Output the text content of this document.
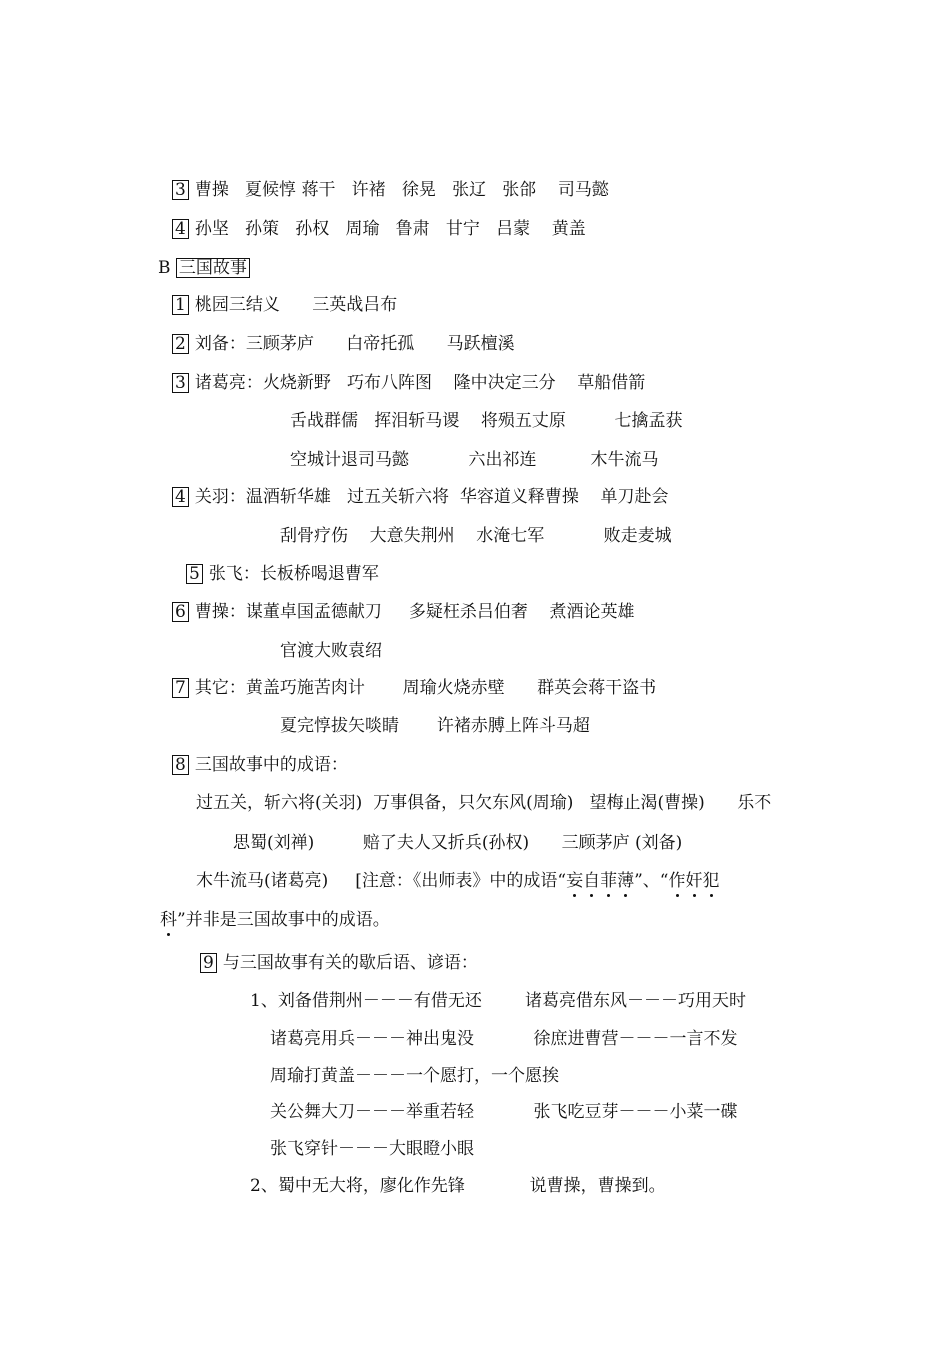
3 曹操   夏候惇 蒋干   许褚   徐晃   张辽   张郃    司马懿
4 孙坚   孙策   孙权   周瑜   鲁肃   甘宁   吕蒙    黄盖
B 三国故事
1 桃园三结义      三英战吕布
2 刘备：三顾茅庐      白帝托孤      马跃檀溪
3 诸葛亮：火烧新野   巧布八阵图    隆中决定三分    草船借箭
舌战群儒   挥泪斩马谡    将殒五丈原         七擒孟获
空城计退司马懿           六出祁连          木牛流马
4 关羽：温酒斩华雄   过五关斩六将  华容道义释曹操    单刀赴会
刮骨疗伤    大意失荆州    水淹七军           败走麦城
5 张飞：长板桥喝退曹军
6 曹操：谋董卓国孟德献刀     多疑枉杀吕伯奢    煮酒论英雄
官渡大败袁绍
7 其它：黄盖巧施苦肉计       周瑜火烧赤壁      群英会蒋干盗书
夏完惇拔矢啖睛       许褚赤膊上阵斗马超
8 三国故事中的成语：
过五关，斩六将(关羽)  万事俱备，只欠东风(周瑜)   望梅止渴(曹操)      乐不
思蜀(刘禅)         赔了夫人又折兵(孙权)      三顾茅庐 (刘备)
木牛流马(诸葛亮)     [注意：《出师表》中的成语“妄自菲薄”、“作奸犯
科”并非是三国故事中的成语。
9 与三国故事有关的歇后语、谚语：
1、刘备借荆州－－－有借无还        诸葛亮借东风－－－巧用天时
诸葛亮用兵－－－神出鬼没           徐庶进曹营－－－一言不发
周瑜打黄盖－－－一个愿打，一个愿挨
关公舞大刀－－－举重若轻           张飞吃豆芽－－－小菜一碟
张飞穿针－－－大眼瞪小眼
2、蜀中无大将，廖化作先锋            说曹操，曹操到。
